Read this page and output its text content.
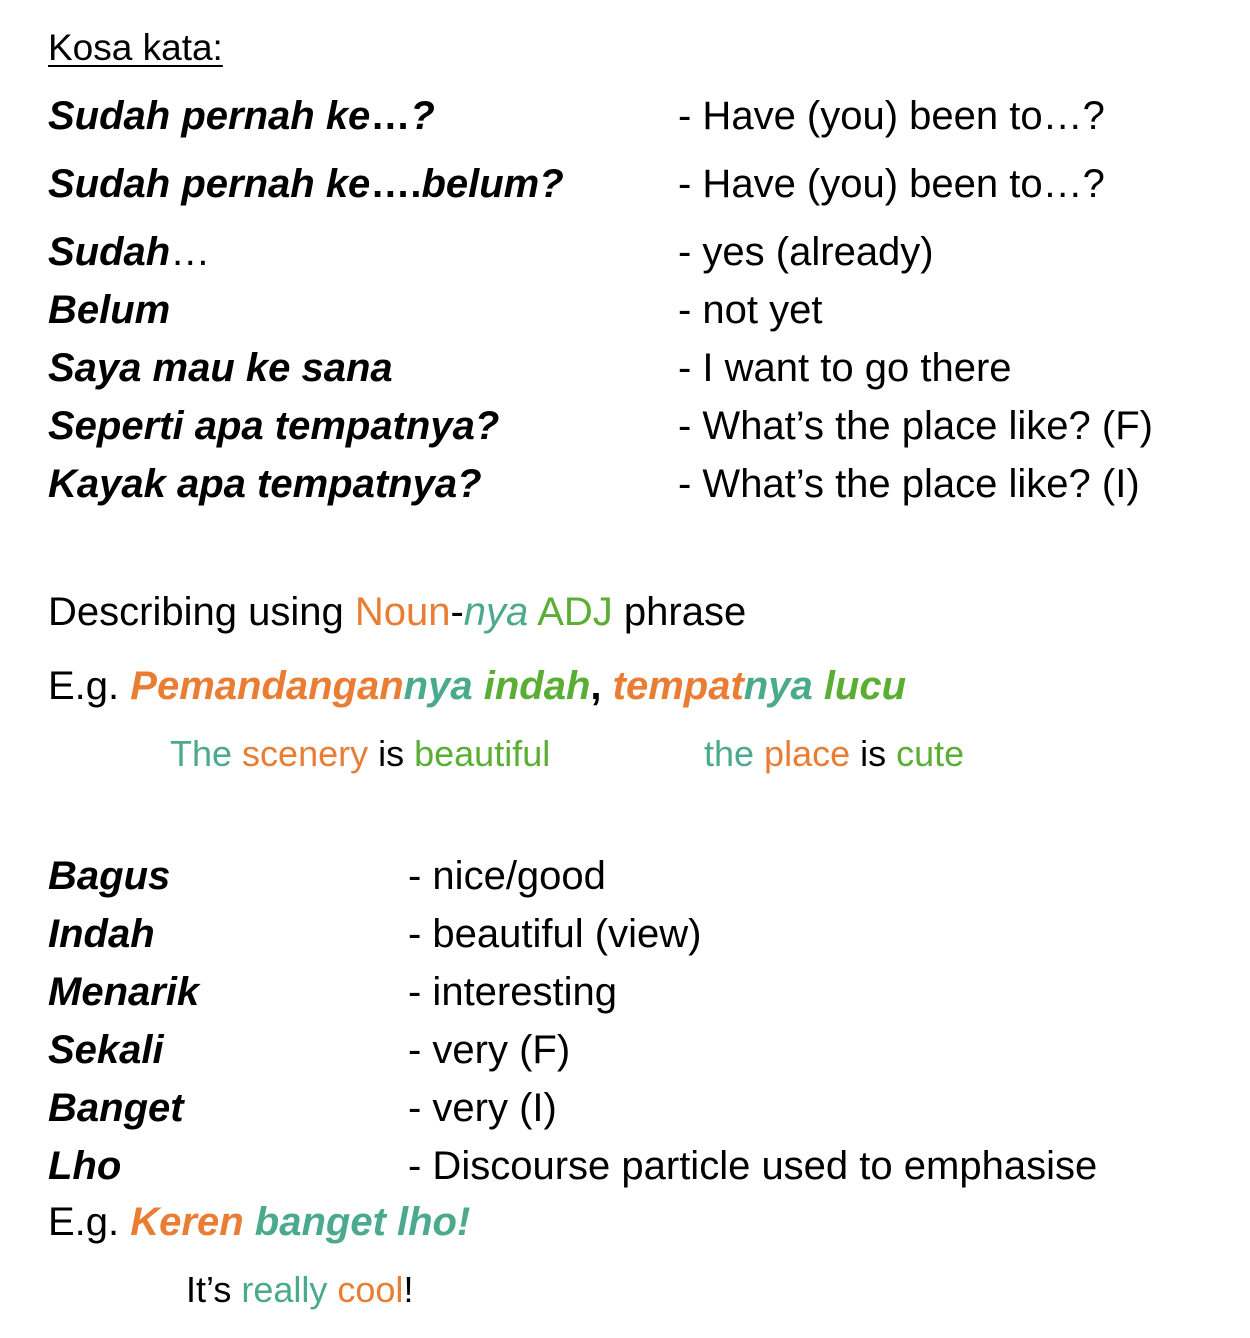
Kosa kata:
Sudah pernah ke…?	- Have (you) been to…?
Sudah pernah ke….belum?	- Have (you) been to…?
Sudah…	- yes (already)
Belum	- not yet
Saya mau ke sana	- I want to go there
Seperti apa tempatnya?	- What’s the place like? (F)
Kayak apa tempatnya?	- What’s the place like? (I)
Describing using Noun-nya ADJ phrase
E.g. Pemandangannya indah, tempatnya lucu
The scenery is beautiful	the place is cute
Bagus	- nice/good
Indah	- beautiful (view)
Menarik	- interesting
Sekali	- very (F)
Banget	- very (I)
Lho	- Discourse particle used to emphasise
E.g. Keren banget lho!
It’s really cool!
